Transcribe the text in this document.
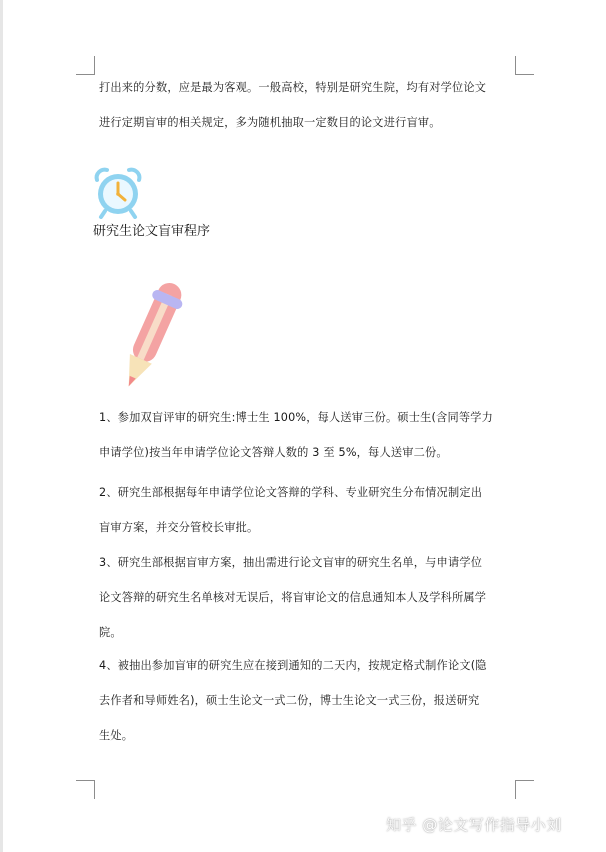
打出来的分数，应是最为客观。一般高校，特别是研究生院，均有对学位论文
进行定期盲审的相关规定，多为随机抽取一定数目的论文进行盲审。
研究生论文盲审程序
1、参加双盲评审的研究生:博士生 100%，每人送审三份。硕士生(含同等学力
申请学位)按当年申请学位论文答辩人数的 3 至 5%，每人送审二份。
2、研究生部根据每年申请学位论文答辩的学科、专业研究生分布情况制定出
盲审方案，并交分管校长审批。
3、研究生部根据盲审方案，抽出需进行论文盲审的研究生名单，与申请学位
论文答辩的研究生名单核对无误后，将盲审论文的信息通知本人及学科所属学
院。
4、被抽出参加盲审的研究生应在接到通知的二天内，按规定格式制作论文(隐
去作者和导师姓名)，硕士生论文一式二份，博士生论文一式三份，报送研究
生处。
知乎 @论文写作指导小刘
